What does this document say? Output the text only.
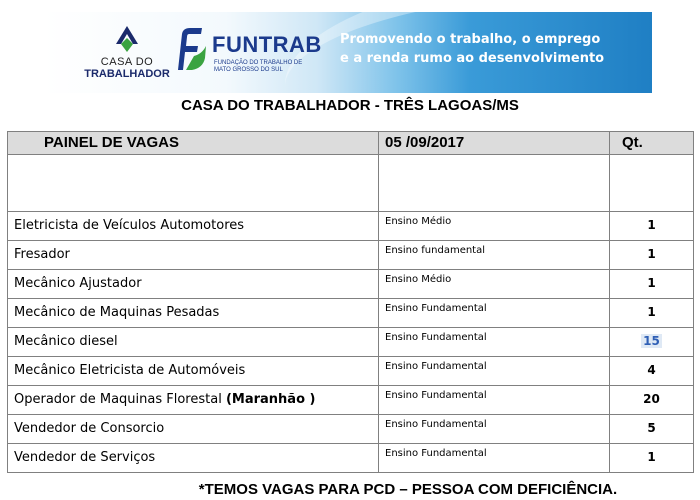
CASA DO
TRABALHADOR
FUNTRAB
FUNDAÇÃO DO TRABALHO DE MATO GROSSO DO SUL
Promovendo o trabalho, o emprego
e a renda rumo ao desenvolvimento
CASA DO TRABALHADOR - TRÊS LAGOAS/MS
PAINEL DE VAGAS	05 /09/2017	Qt.

Eletricista de Veículos Automotores	Ensino Médio	1

Fresador	Ensino fundamental	1

Mecânico Ajustador	Ensino Médio	1

Mecânico de Maquinas Pesadas	Ensino Fundamental	1

Mecânico diesel	Ensino Fundamental	15

Mecânico Eletricista de Automóveis	Ensino Fundamental	4

Operador de Maquinas Florestal (Maranhão )	Ensino Fundamental	20

Vendedor de Consorcio	Ensino Fundamental	5

Vendedor de Serviços	Ensino Fundamental	1
*TEMOS VAGAS PARA PCD – PESSOA COM DEFICIÊNCIA.
